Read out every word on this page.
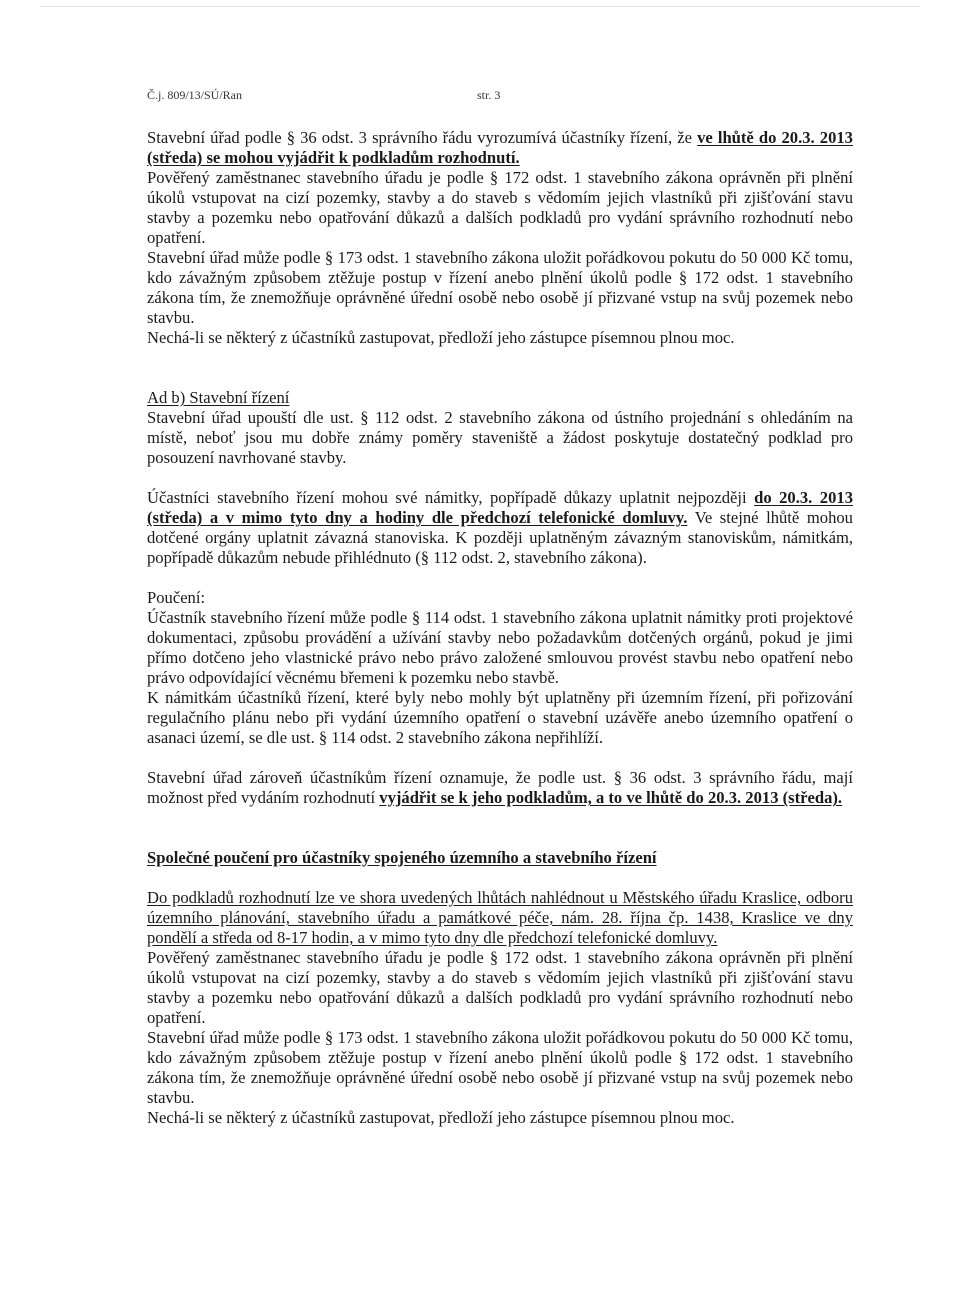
Č.j. 809/13/SÚ/Ran	str. 3

Stavební úřad podle § 36 odst. 3 správního řádu vyrozumívá účastníky řízení, že ve lhůtě do 20.3. 2013 (středa) se mohou vyjádřit k podkladům rozhodnutí.

Pověřený zaměstnanec stavebního úřadu je podle § 172 odst. 1 stavebního zákona oprávněn při plnění úkolů vstupovat na cizí pozemky, stavby a do staveb s vědomím jejich vlastníků při zjišťování stavu stavby a pozemku nebo opatřování důkazů a dalších podkladů pro vydání správního rozhodnutí nebo opatření.

Stavební úřad může podle § 173 odst. 1 stavebního zákona uložit pořádkovou pokutu do 50 000 Kč tomu, kdo závažným způsobem ztěžuje postup v řízení anebo plnění úkolů podle § 172 odst. 1 stavebního zákona tím, že znemožňuje oprávněné úřední osobě nebo osobě jí přizvané vstup na svůj pozemek nebo stavbu.

Nechá-li se některý z účastníků zastupovat, předloží jeho zástupce písemnou plnou moc.

Ad b) Stavební řízení

Stavební úřad upouští dle ust. § 112 odst. 2 stavebního zákona od ústního projednání s ohledáním na místě, neboť jsou mu dobře známy poměry staveniště a žádost poskytuje dostatečný podklad pro posouzení navrhované stavby.

Účastníci stavebního řízení mohou své námitky, popřípadě důkazy uplatnit nejpozději do 20.3. 2013 (středa) a v mimo tyto dny a hodiny dle předchozí telefonické domluvy. Ve stejné lhůtě mohou dotčené orgány uplatnit závazná stanoviska. K později uplatněným závazným stanoviskům, námitkám, popřípadě důkazům nebude přihlédnuto (§ 112 odst. 2, stavebního zákona).

Poučení:

Účastník stavebního řízení může podle § 114 odst. 1 stavebního zákona uplatnit námitky proti projektové dokumentaci, způsobu provádění a užívání stavby nebo požadavkům dotčených orgánů, pokud je jimi přímo dotčeno jeho vlastnické právo nebo právo založené smlouvou provést stavbu nebo opatření nebo právo odpovídající věcnému břemeni k pozemku nebo stavbě.

K námitkám účastníků řízení, které byly nebo mohly být uplatněny při územním řízení, při pořizování regulačního plánu nebo při vydání územního opatření o stavební uzávěře anebo územního opatření o asanaci území, se dle ust. § 114 odst. 2 stavebního zákona nepřihlíží.

Stavební úřad zároveň účastníkům řízení oznamuje, že podle ust. § 36 odst. 3 správního řádu, mají možnost před vydáním rozhodnutí vyjádřit se k jeho podkladům, a to ve lhůtě do 20.3. 2013 (středa).

Společné poučení pro účastníky spojeného územního a stavebního řízení

Do podkladů rozhodnutí lze ve shora uvedených lhůtách nahlédnout u Městského úřadu Kraslice, odboru územního plánování, stavebního úřadu a památkové péče, nám. 28. října čp. 1438, Kraslice ve dny pondělí a středa od 8-17 hodin, a v mimo tyto dny dle předchozí telefonické domluvy.

Pověřený zaměstnanec stavebního úřadu je podle § 172 odst. 1 stavebního zákona oprávněn při plnění úkolů vstupovat na cizí pozemky, stavby a do staveb s vědomím jejich vlastníků při zjišťování stavu stavby a pozemku nebo opatřování důkazů a dalších podkladů pro vydání správního rozhodnutí nebo opatření.

Stavební úřad může podle § 173 odst. 1 stavebního zákona uložit pořádkovou pokutu do 50 000 Kč tomu, kdo závažným způsobem ztěžuje postup v řízení anebo plnění úkolů podle § 172 odst. 1 stavebního zákona tím, že znemožňuje oprávněné úřední osobě nebo osobě jí přizvané vstup na svůj pozemek nebo stavbu.

Nechá-li se některý z účastníků zastupovat, předloží jeho zástupce písemnou plnou moc.
